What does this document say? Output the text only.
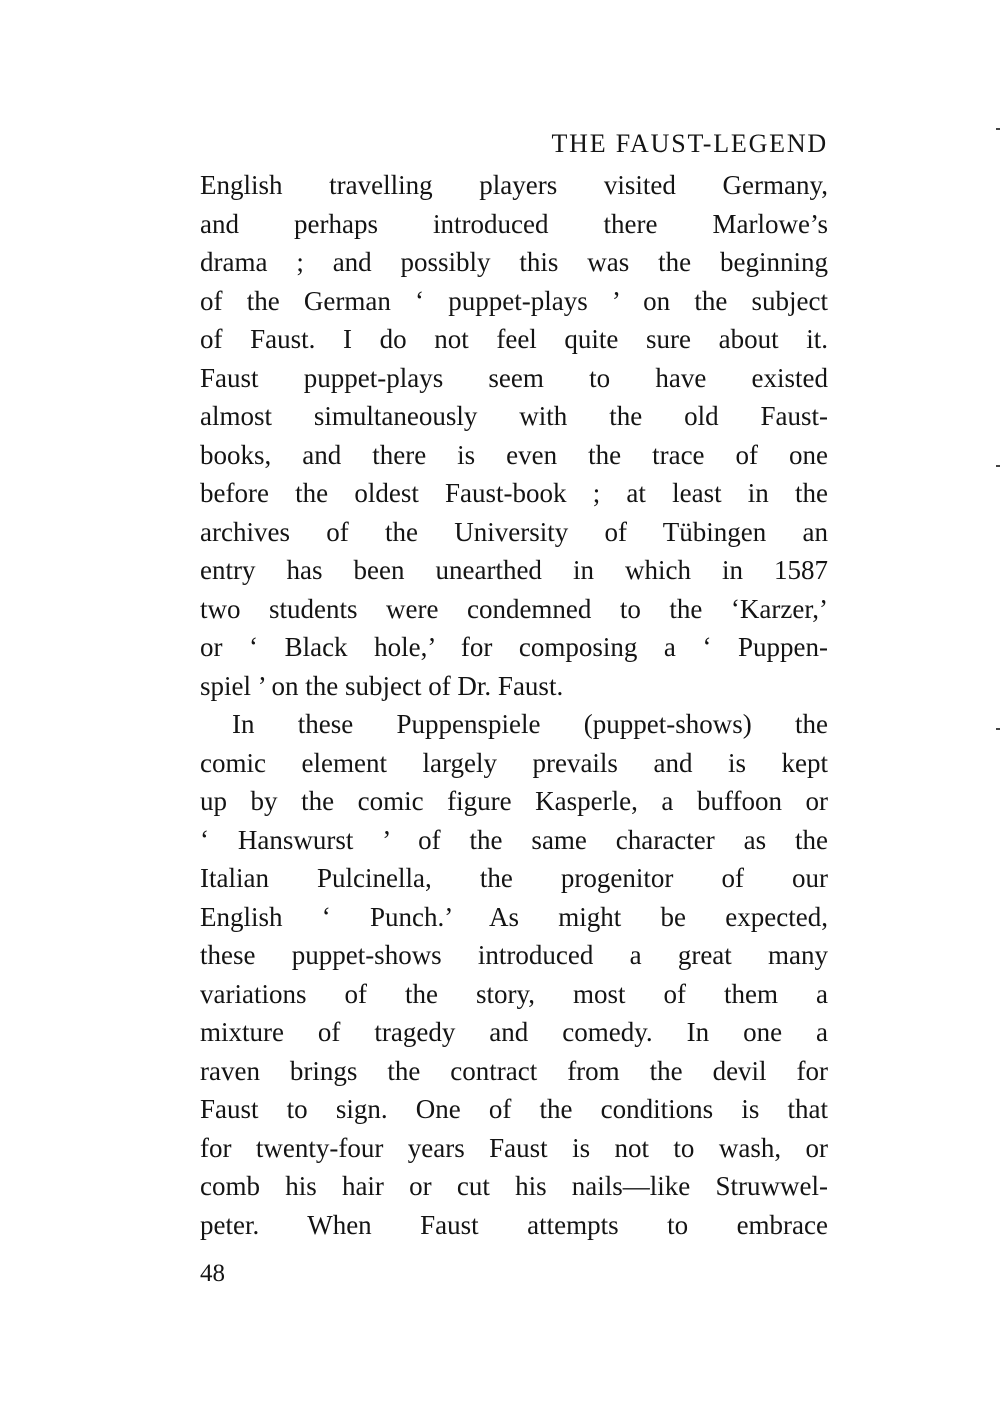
THE FAUST-LEGEND
English travelling players visited Germany,
and perhaps introduced there Marlowe’s
drama ; and possibly this was the beginning
of the German ‘ puppet-plays ’ on the subject
of Faust. I do not feel quite sure about it.
Faust puppet-plays seem to have existed
almost simultaneously with the old Faust-
books, and there is even the trace of one
before the oldest Faust-book ; at least in the
archives of the University of Tübingen an
entry has been unearthed in which in 1587
two students were condemned to the ‘Karzer,’
or ‘ Black hole,’ for composing a ‘ Puppen-
spiel ’ on the subject of Dr. Faust.
In these Puppenspiele (puppet-shows) the
comic element largely prevails and is kept
up by the comic figure Kasperle, a buffoon or
‘ Hanswurst ’ of the same character as the
Italian Pulcinella, the progenitor of our
English ‘ Punch.’ As might be expected,
these puppet-shows introduced a great many
variations of the story, most of them a
mixture of tragedy and comedy. In one a
raven brings the contract from the devil for
Faust to sign. One of the conditions is that
for twenty-four years Faust is not to wash, or
comb his hair or cut his nails—like Struwwel-
peter. When Faust attempts to embrace
48
